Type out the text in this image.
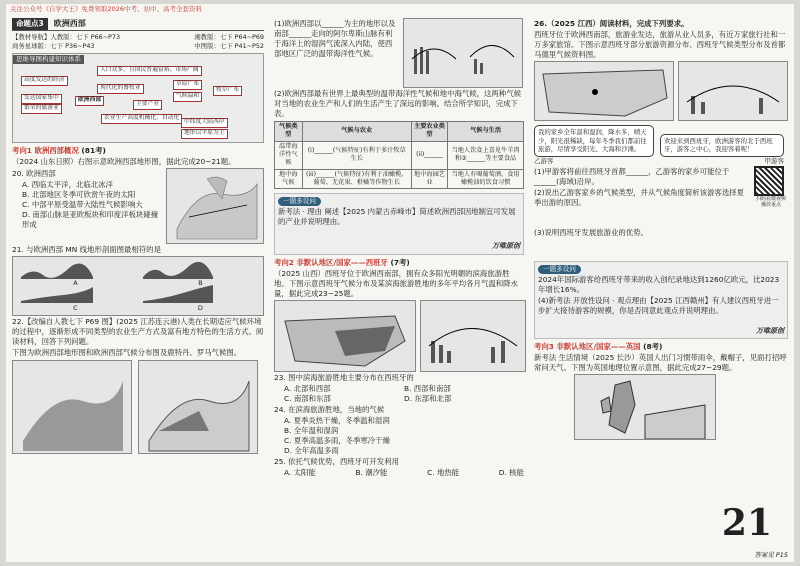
关注公众号《自学大王》免费领取2026中考、初中、高考全套资料
命题点3	欧洲西部
【教材导航】人教版：七下 P66~P73	湘教版：七下 P64~P69
商务星球版：七下 P36~P43	中图版：七下 P41~P52
思维导图构建知识体系
人口众多，且国民普遍富裕、市场广阔
高度发达的经济
发达国家集中
繁荣的旅游业
欧洲西部
现代化的畜牧业
主要产业
草原广布
气候温和
牧草广布
农业生产高度机械化、自动化
中纬度大陆西岸
地形以平原为主
考向1 欧洲西部概况 (81考)
（2024 山东日照）右图示意欧洲西部地形图，据此完成20~21题。
20. 欧洲西部
A. 西临太平洋，北临北冰洋
B. 北部地区冬季可欣赏午夜的太阳
C. 中部平原受温带大陆性气候影响大
D. 南部山脉是亚欧板块和印度洋板块碰撞形成
21. 与欧洲西部 MN 线地形剖面图最相符的是
A	B
C	D
22.【改编自人教七下 P69 图】(2025 江苏连云港)人类在长期适应气候环境的过程中，逐渐形成不同类型的农业生产方式及富有地方特色的生活方式。阅读材料，回答下列问题。
下图为欧洲西部地形图和欧洲西部气候分布图及鹿特丹、罗马气候图。
(1)欧洲西部以______为主的地形以及南部______走向的阿尔卑斯山脉有利于海洋上的湿润气流深入内陆，使西部地区广泛的温带海洋性气候。
(2)欧洲西部最有世界上最典型的温带海洋性气候和地中海气候，这两种气候对当地的农业生产和人们的生活产生了深远的影响。结合所学知识，完成下表。
气候类型	气候与农业	主要农业类型	气候与生活
温带海洋性气候	(i)______(气候特征)有利于多汁牧草生长	(ii)______	当地人饮食上喜见牛羊肉和③______等主要食品
地中海气候	(iii)______(气候特征)有利于油橄榄、葡萄、无花果、柑橘等作物生长	地中海园艺业	当地人有喝葡萄酒、食用橄榄油的饮食习惯
一题多设问
新考法 · 理由 阐述【2025 内蒙古赤峰市】简述欧洲西部因地制宜可发展的产业并说明理由。
万唯原创
考向2 非默认地区/国家——西班牙 (7考)
（2025 山西）西班牙位于欧洲西南部，拥有众多阳光明媚的滨海旅游胜地。下图示意西班牙气候分布及某滨海旅游胜地的多年平均各月气温和降水量，据此完成23~25题。
23. 图中滨海旅游胜地主要分布在西班牙的
A. 北部和西部	B. 西部和南部
C. 南部和东部	D. 东部和北部
24. 在滨海旅游胜地，当地的气候
A. 夏季炎热干燥，冬季温和湿润
B. 全年温和湿润
C. 夏季高温多雨，冬季寒冷干燥
D. 全年高温多雨
25. 依托气候优势，西班牙可开发利用
A. 太阳能	B. 潮汐能	C. 地热能	D. 核能
26.（2025 江西）阅读材料，完成下列要求。
西班牙位于欧洲西南部，旅游业发达，旅游从业人员多，有近万家旅行社和一万多家旅馆。下图示意西班牙部分旅游资源分布、西班牙气候类型分布及首都马德里气候资料图。
我的家乡全年温和湿润，降水多，晴天少，阳光很稀缺，每年冬季我们都前往旅游，尽情享受阳光、大海和沙滩。
乙游客
欢迎来到西班牙，欧洲游客的北于西班牙，游客之中心，我迎客着呢！
甲游客
(1)甲游客将前往西班牙首都______，乙游客的家乡可能位于______(海域)沿岸。
(2)说出乙游客家乡的气候类型，并从气候角度简析该游客选择夏季出游的原因。	扫码看微视频 播放重点
(3)说明西班牙发展旅游业的优势。
一题多设问
2024年国际游客给西班牙带来的收入创纪录地达到1260亿欧元，比2023年增长16%。
(4)新考法 开放性设问 · 观点理由【2025 江西赣州】有人建议西班牙进一步扩大接待游客的规模，你是否同意此观点并说明理由。
万唯原创
考向3 非默认地区/国家——英国 (8考)
新考法 生活情境（2025 长沙）英国人出门习惯带雨伞，戴帽子，见面打招呼常问天气。下图为英国地理位置示意图，据此完成27~29题。
21
答案见 P15
